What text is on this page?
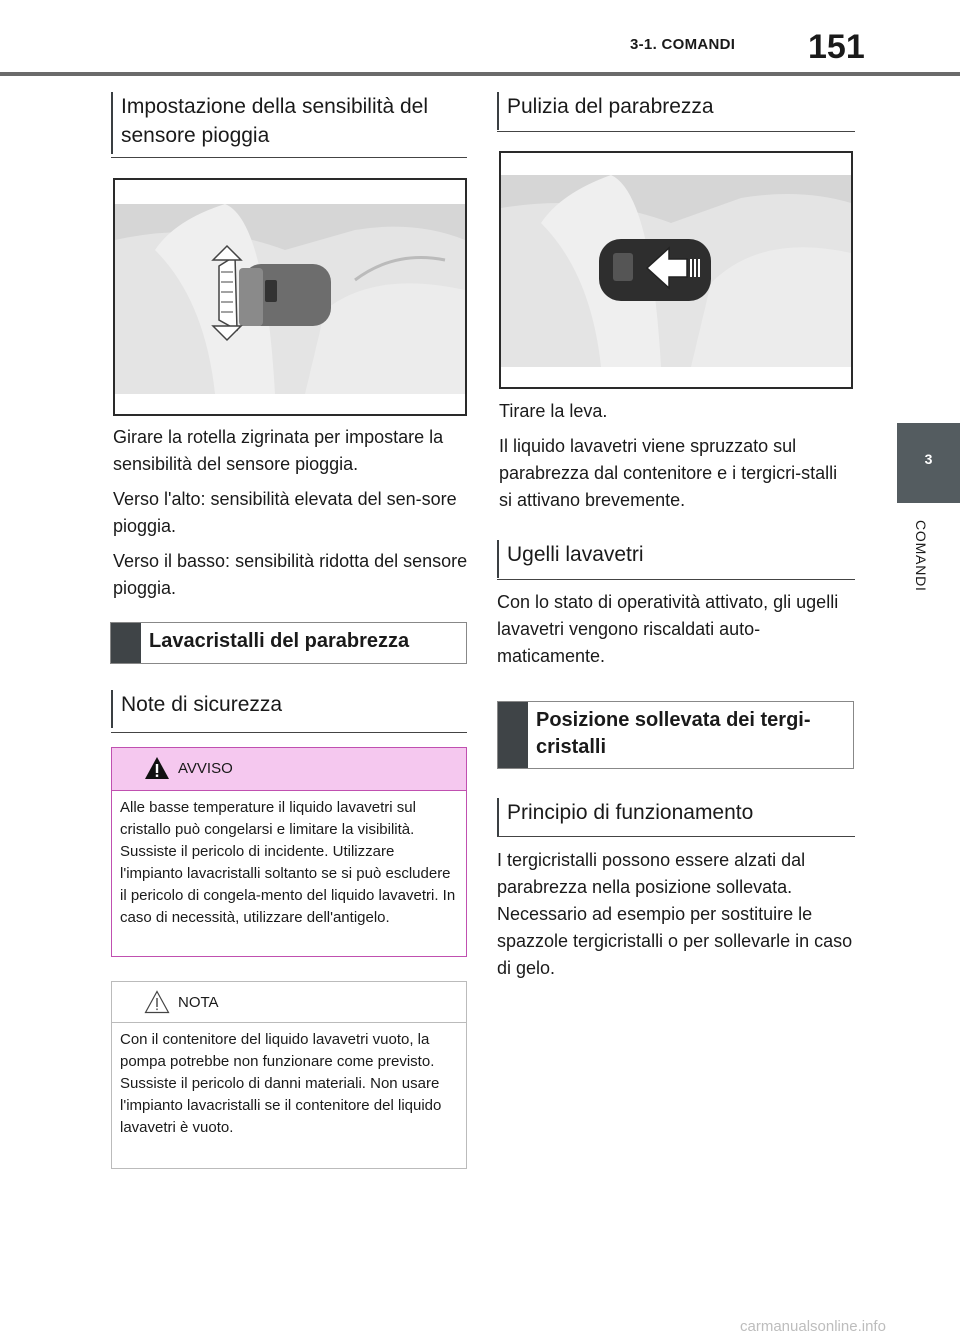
3-1. COMANDI 151
3
COMANDI
Impostazione della sensibilità del sensore pioggia

Girare la rotella zigrinata per impostare la sensibilità del sensore pioggia.

Verso l'alto: sensibilità elevata del sen-sore pioggia.

Verso il basso: sensibilità ridotta del sensore pioggia.

Lavacristalli del parabrezza
Note di sicurezza
AVVISO
Alle basse temperature il liquido lavavetri sul cristallo può congelarsi e limitare la visibilità. Sussiste il pericolo di incidente. Utilizzare l'impianto lavacristalli soltanto se si può escludere il pericolo di congela-mento del liquido lavavetri. In caso di necessità, utilizzare dell'antigelo.
NOTA
Con il contenitore del liquido lavavetri vuoto, la pompa potrebbe non funzionare come previsto. Sussiste il pericolo di danni materiali. Non usare l'impianto lavacristalli se il contenitore del liquido lavavetri è vuoto.
Pulizia del parabrezza

Tirare la leva.

Il liquido lavavetri viene spruzzato sul parabrezza dal contenitore e i tergicri-stalli si attivano brevemente.

Ugelli lavavetri

Con lo stato di operatività attivato, gli ugelli lavavetri vengono riscaldati auto-maticamente.

Posizione sollevata dei tergi-cristalli
Principio di funzionamento

I tergicristalli possono essere alzati dal parabrezza nella posizione sollevata. Necessario ad esempio per sostituire le spazzole tergicristalli o per sollevarle in caso di gelo.

carmanualsonline.info
